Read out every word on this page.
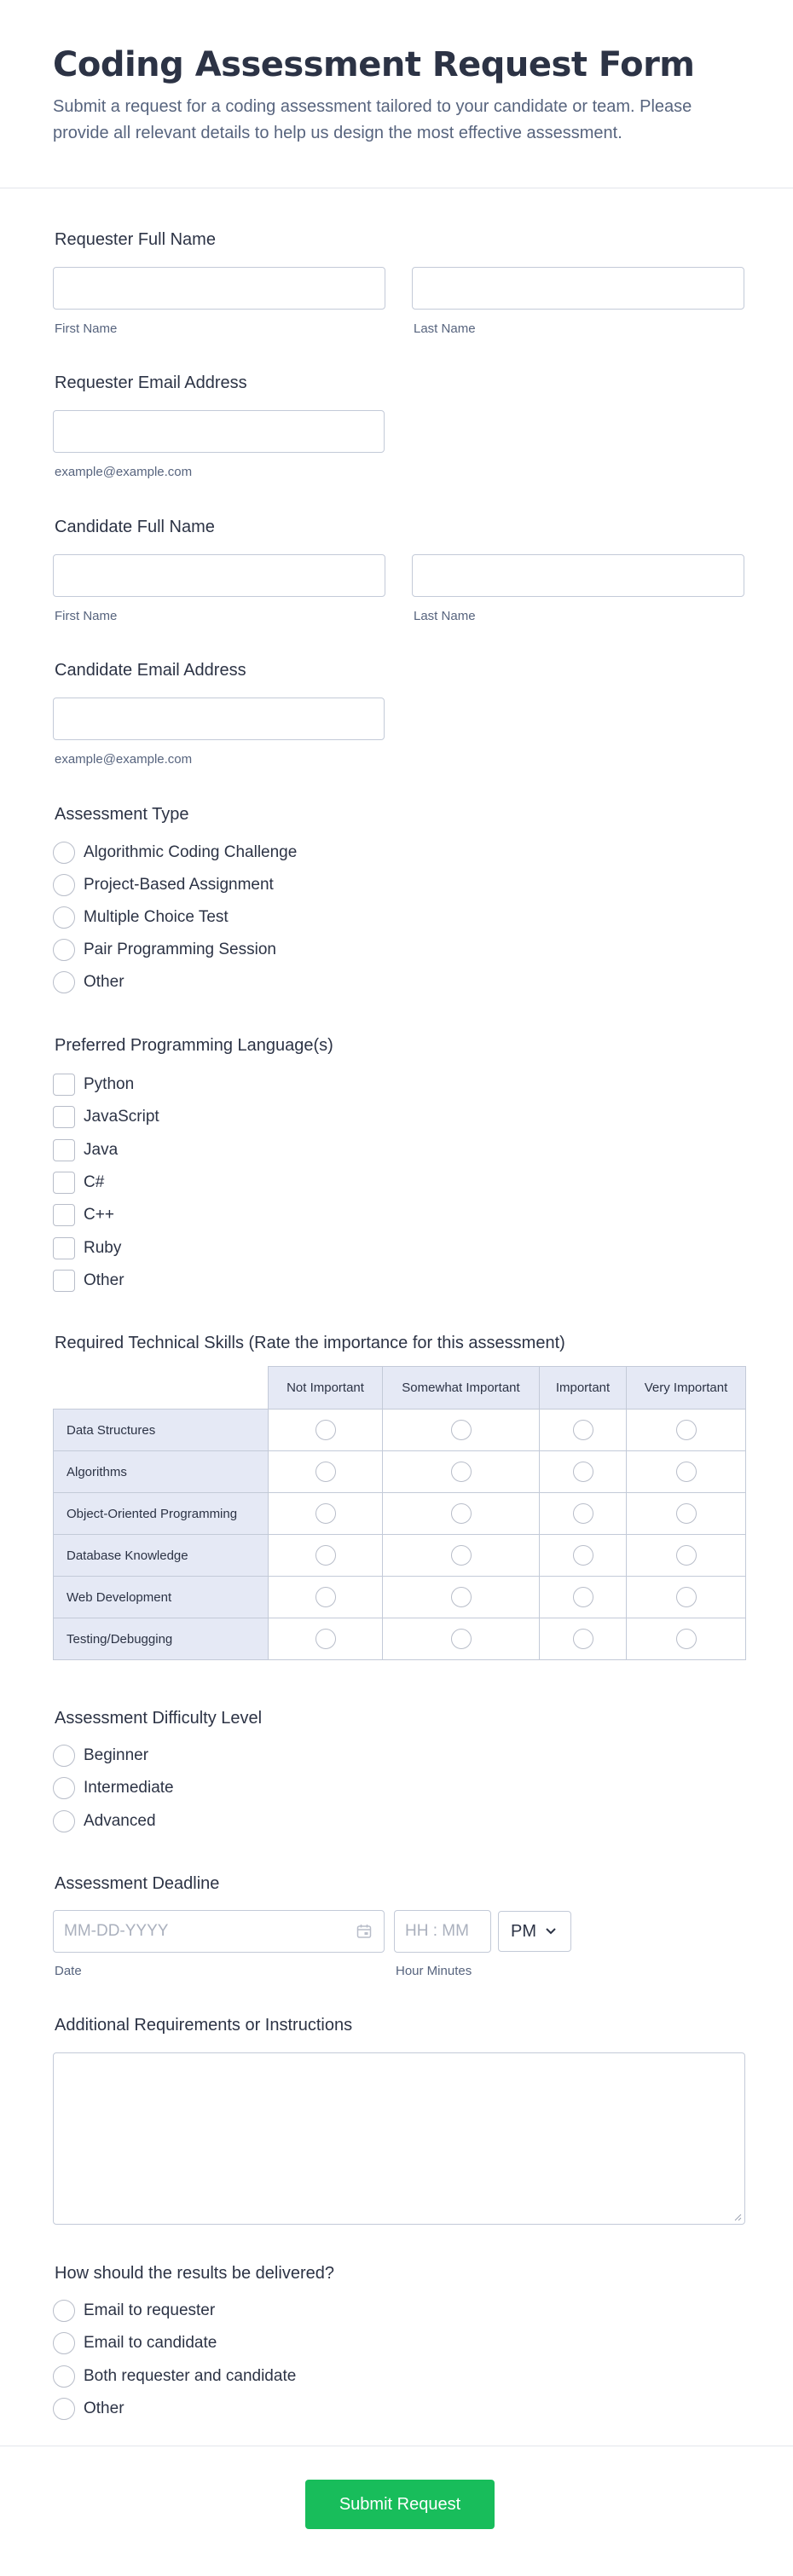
Coding Assessment Request Form
Submit a request for a coding assessment tailored to your candidate or team. Please provide all relevant details to help us design the most effective assessment.
Requester Full Name
First Name	Last Name
Requester Email Address
example@example.com
Candidate Full Name
First Name	Last Name
Candidate Email Address
example@example.com
Assessment Type
Algorithmic Coding Challenge
Project-Based Assignment
Multiple Choice Test
Pair Programming Session
Other
Preferred Programming Language(s)
Python
JavaScript
Java
C#
C++
Ruby
Other
Required Technical Skills (Rate the importance for this assessment)
	Not Important	Somewhat Important	Important	Very Important
Data Structures				
Algorithms				
Object-Oriented Programming				
Database Knowledge				
Web Development				
Testing/Debugging				
Assessment Difficulty Level
Beginner
Intermediate
Advanced
Assessment Deadline
MM-DD-YYYY	HH : MM PM
Date	Hour Minutes
Additional Requirements or Instructions
How should the results be delivered?
Email to requester
Email to candidate
Both requester and candidate
Other
Submit Request
